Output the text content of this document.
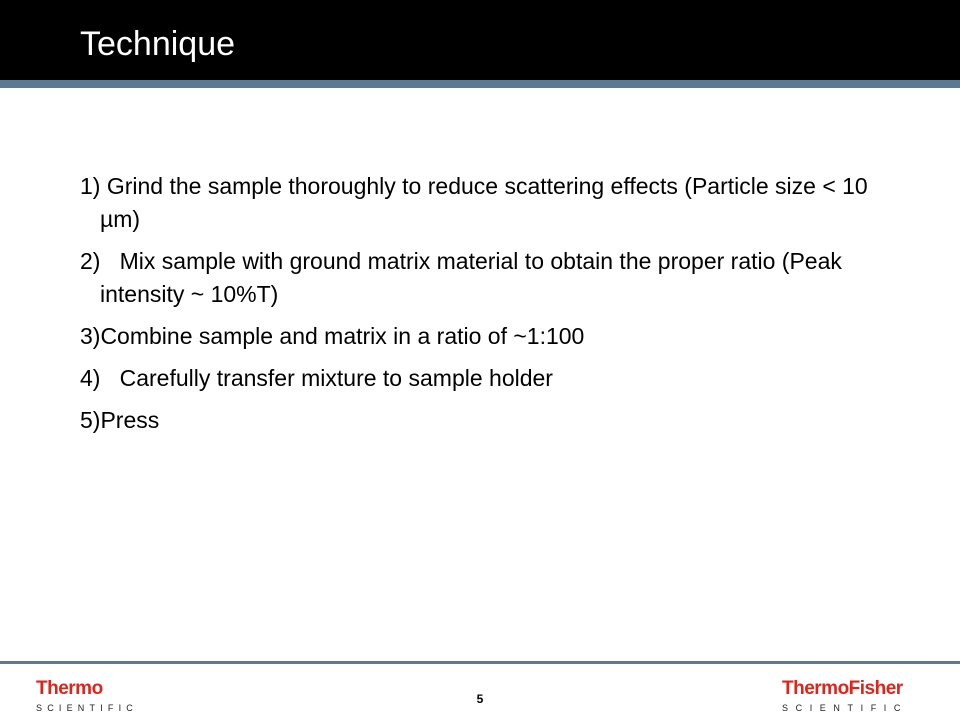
Technique
1) Grind the sample thoroughly to reduce scattering effects (Particle size < 10 µm)
2)   Mix sample with ground matrix material to obtain the proper ratio (Peak intensity ~ 10%T)
3)Combine sample and matrix in a ratio of ~1:100
4)   Carefully transfer mixture to sample holder
5)Press
Thermo
SCIENTIFIC
5	ThermoFisher
SCIENTIFIC
